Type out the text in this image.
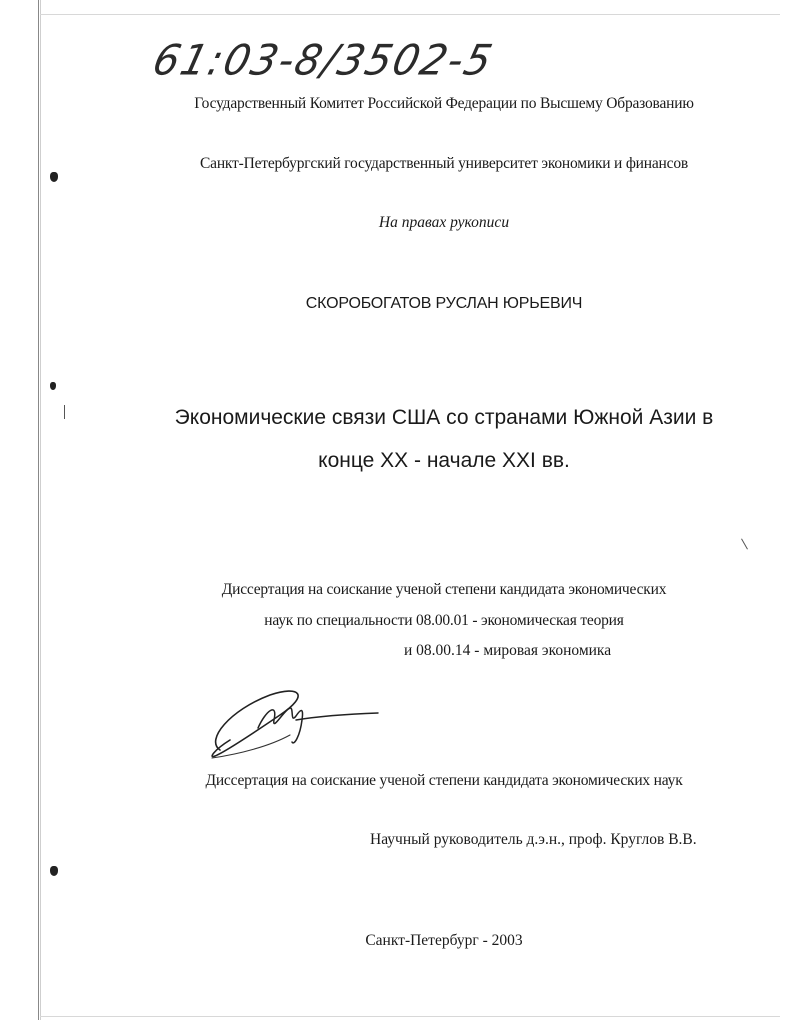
61:03-8/3502-5
Государственный Комитет Российской Федерации по Высшему Образованию
Санкт-Петербургский государственный университет экономики и финансов
На правах рукописи
СКОРОБОГАТОВ РУСЛАН ЮРЬЕВИЧ
Экономические связи США со странами Южной Азии в
конце XX - начале XXI вв.
Диссертация на соискание ученой степени кандидата экономических
наук по специальности 08.00.01 - экономическая теория
и 08.00.14 - мировая экономика
Диссертация на соискание ученой степени кандидата экономических наук
Научный руководитель д.э.н., проф. Круглов В.В.
Санкт-Петербург - 2003
